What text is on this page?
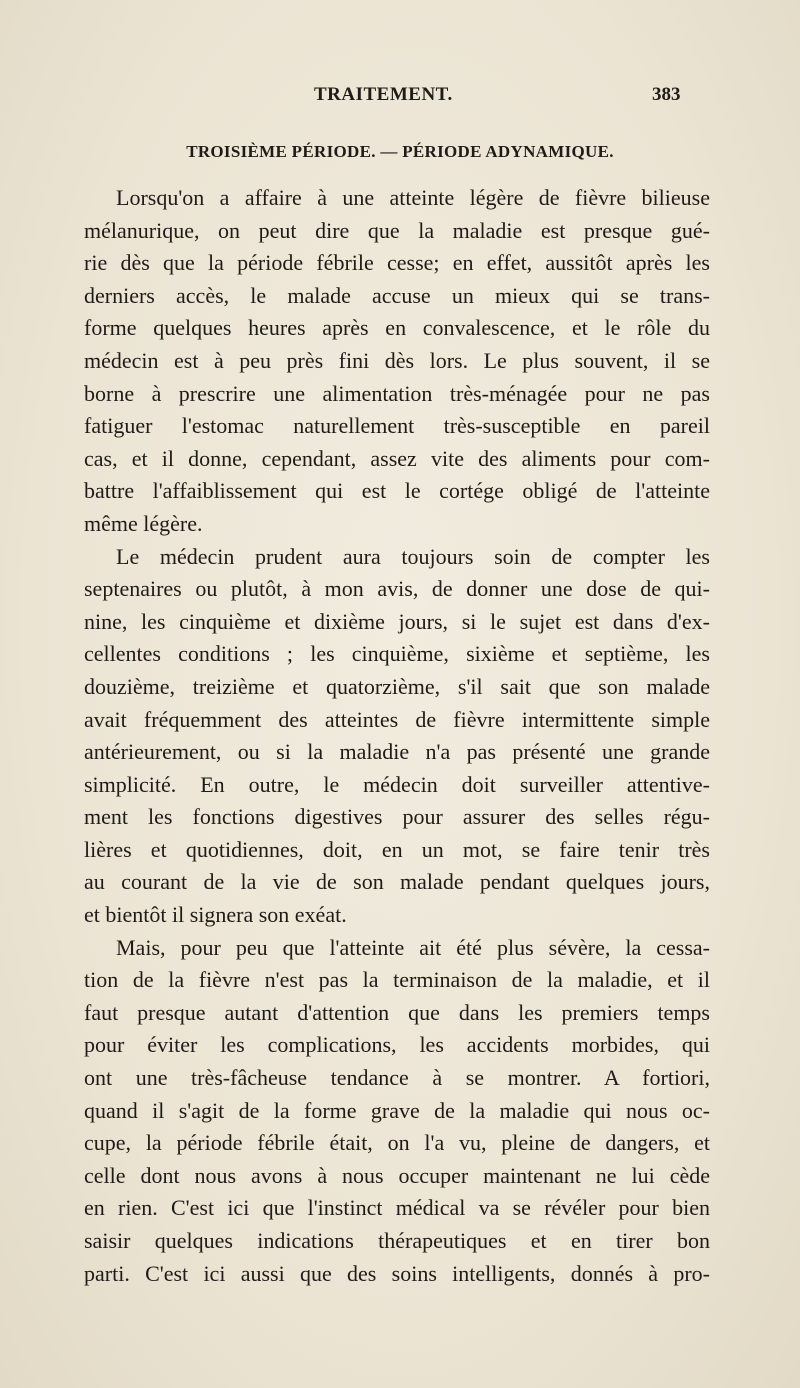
TRAITEMENT.	383
TROISIÈME PÉRIODE. — PÉRIODE ADYNAMIQUE.
Lorsqu'on a affaire à une atteinte légère de fièvre bilieuse
mélanurique, on peut dire que la maladie est presque gué-
rie dès que la période fébrile cesse; en effet, aussitôt après les
derniers accès, le malade accuse un mieux qui se trans-
forme quelques heures après en convalescence, et le rôle du
médecin est à peu près fini dès lors. Le plus souvent, il se
borne à prescrire une alimentation très-ménagée pour ne pas
fatiguer l'estomac naturellement très-susceptible en pareil
cas, et il donne, cependant, assez vite des aliments pour com-
battre l'affaiblissement qui est le cortége obligé de l'atteinte
même légère.
Le médecin prudent aura toujours soin de compter les
septenaires ou plutôt, à mon avis, de donner une dose de qui-
nine, les cinquième et dixième jours, si le sujet est dans d'ex-
cellentes conditions ; les cinquième, sixième et septième, les
douzième, treizième et quatorzième, s'il sait que son malade
avait fréquemment des atteintes de fièvre intermittente simple
antérieurement, ou si la maladie n'a pas présenté une grande
simplicité. En outre, le médecin doit surveiller attentive-
ment les fonctions digestives pour assurer des selles régu-
lières et quotidiennes, doit, en un mot, se faire tenir très
au courant de la vie de son malade pendant quelques jours,
et bientôt il signera son exéat.
Mais, pour peu que l'atteinte ait été plus sévère, la cessa-
tion de la fièvre n'est pas la terminaison de la maladie, et il
faut presque autant d'attention que dans les premiers temps
pour éviter les complications, les accidents morbides, qui
ont une très-fâcheuse tendance à se montrer. A fortiori,
quand il s'agit de la forme grave de la maladie qui nous oc-
cupe, la période fébrile était, on l'a vu, pleine de dangers, et
celle dont nous avons à nous occuper maintenant ne lui cède
en rien. C'est ici que l'instinct médical va se révéler pour bien
saisir quelques indications thérapeutiques et en tirer bon
parti. C'est ici aussi que des soins intelligents, donnés à pro-
